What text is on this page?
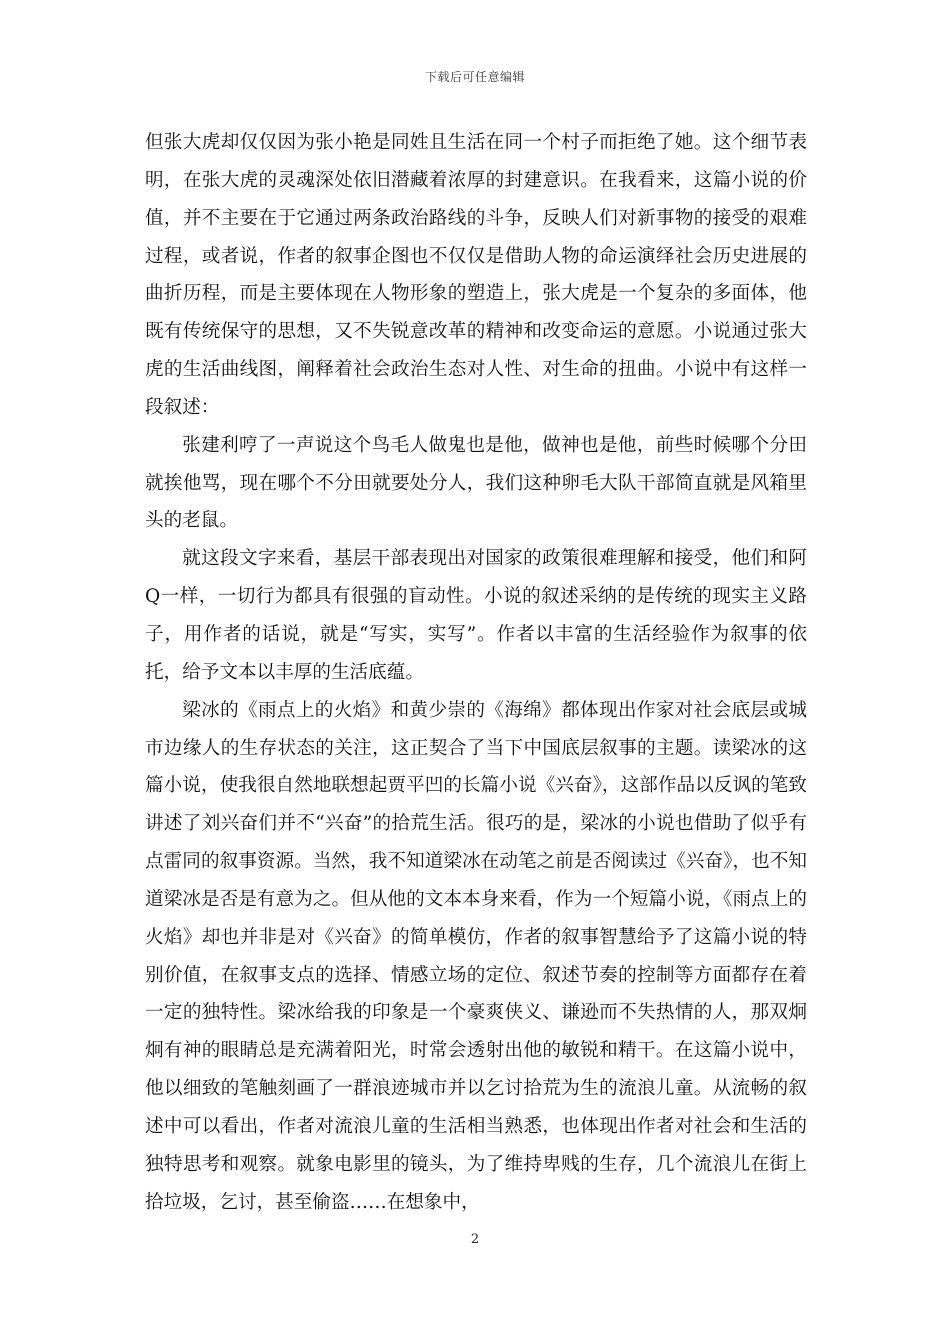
下载后可任意编辑

但张大虎却仅仅因为张小艳是同姓且生活在同一个村子而拒绝了她。这个细节表明，在张大虎的灵魂深处依旧潜藏着浓厚的封建意识。在我看来，这篇小说的价值，并不主要在于它通过两条政治路线的斗争，反映人们对新事物的接受的艰难过程，或者说，作者的叙事企图也不仅仅是借助人物的命运演绎社会历史进展的曲折历程，而是主要体现在人物形象的塑造上，张大虎是一个复杂的多面体，他既有传统保守的思想，又不失锐意改革的精神和改变命运的意愿。小说通过张大虎的生活曲线图，阐释着社会政治生态对人性、对生命的扭曲。小说中有这样一段叙述：

张建利哼了一声说这个鸟毛人做鬼也是他，做神也是他，前些时候哪个分田就挨他骂，现在哪个不分田就要处分人，我们这种卵毛大队干部简直就是风箱里头的老鼠。

就这段文字来看，基层干部表现出对国家的政策很难理解和接受，他们和阿Q一样，一切行为都具有很强的盲动性。小说的叙述采纳的是传统的现实主义路子，用作者的话说，就是“写实，实写”。作者以丰富的生活经验作为叙事的依托，给予文本以丰厚的生活底蕴。

梁冰的《雨点上的火焰》和黄少崇的《海绵》都体现出作家对社会底层或城市边缘人的生存状态的关注，这正契合了当下中国底层叙事的主题。读梁冰的这篇小说，使我很自然地联想起贾平凹的长篇小说《兴奋》，这部作品以反讽的笔致讲述了刘兴奋们并不“兴奋”的拾荒生活。很巧的是，梁冰的小说也借助了似乎有点雷同的叙事资源。当然，我不知道梁冰在动笔之前是否阅读过《兴奋》，也不知道梁冰是否是有意为之。但从他的文本本身来看，作为一个短篇小说，《雨点上的火焰》却也并非是对《兴奋》的简单模仿，作者的叙事智慧给予了这篇小说的特别价值，在叙事支点的选择、情感立场的定位、叙述节奏的控制等方面都存在着一定的独特性。梁冰给我的印象是一个豪爽侠义、谦逊而不失热情的人，那双炯炯有神的眼睛总是充满着阳光，时常会透射出他的敏锐和精干。在这篇小说中，他以细致的笔触刻画了一群浪迹城市并以乞讨拾荒为生的流浪儿童。从流畅的叙述中可以看出，作者对流浪儿童的生活相当熟悉，也体现出作者对社会和生活的独特思考和观察。就象电影里的镜头，为了维持卑贱的生存，几个流浪儿在街上拾垃圾，乞讨，甚至偷盗……在想象中，

2
